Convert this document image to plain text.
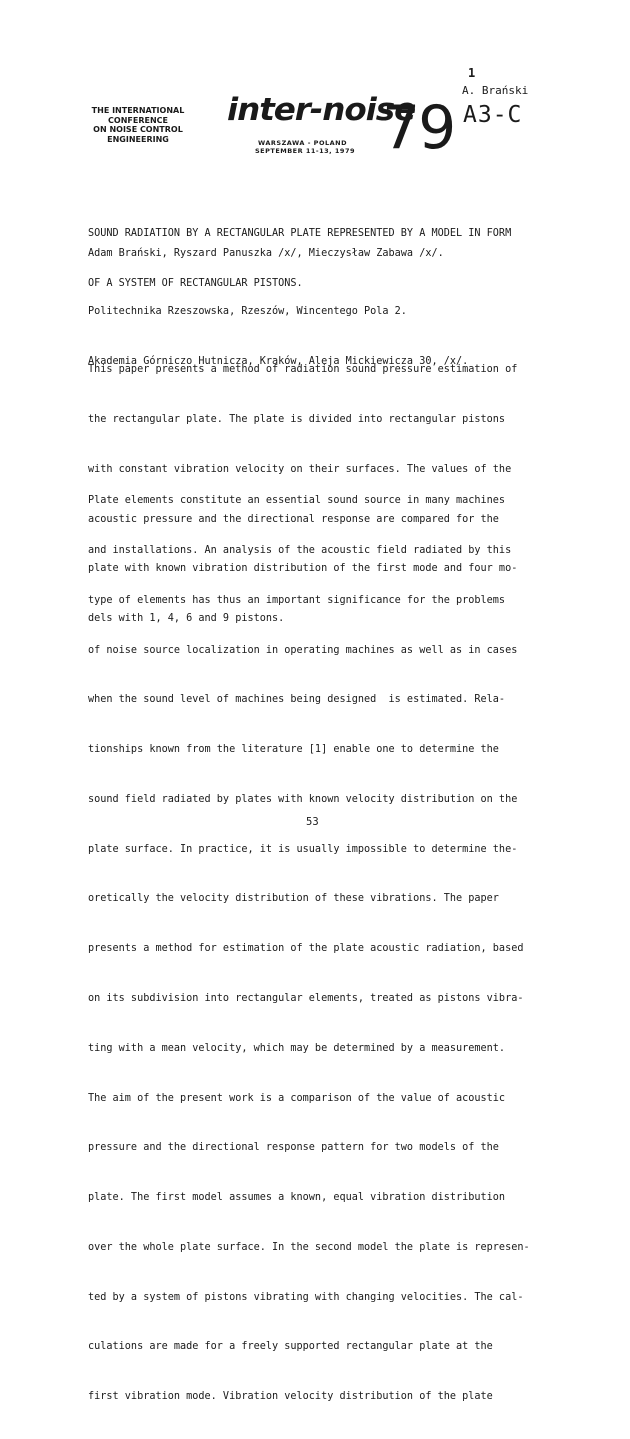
1
A. Brański
A3-C
THE INTERNATIONAL
CONFERENCE
ON NOISE CONTROL
ENGINEERING
inter-noise
79
WARSZAWA - POLAND
SEPTEMBER 11-13, 1979

SOUND RADIATION BY A RECTANGULAR PLATE REPRESENTED BY A MODEL IN FORM

OF A SYSTEM OF RECTANGULAR PISTONS.

Adam Brański, Ryszard Panuszka /x/, Mieczysław Zabawa /x/.

Politechnika Rzeszowska, Rzeszów, Wincentego Pola 2.

Akademia Górniczo Hutnicza, Kraków, Aleja Mickiewicza 30, /x/.

This paper presents a method of radiation sound pressure estimation of

the rectangular plate. The plate is divided into rectangular pistons

with constant vibration velocity on their surfaces. The values of the

acoustic pressure and the directional response are compared for the

plate with known vibration distribution of the first mode and four mo-

dels with 1, 4, 6 and 9 pistons.

Plate elements constitute an essential sound source in many machines

and installations. An analysis of the acoustic field radiated by this

type of elements has thus an important significance for the problems

of noise source localization in operating machines as well as in cases

when the sound level of machines being designed  is estimated. Rela-

tionships known from the literature [1] enable one to determine the

sound field radiated by plates with known velocity distribution on the

plate surface. In practice, it is usually impossible to determine the-

oretically the velocity distribution of these vibrations. The paper

presents a method for estimation of the plate acoustic radiation, based

on its subdivision into rectangular elements, treated as pistons vibra-

ting with a mean velocity, which may be determined by a measurement.

The aim of the present work is a comparison of the value of acoustic

pressure and the directional response pattern for two models of the

plate. The first model assumes a known, equal vibration distribution

over the whole plate surface. In the second model the plate is represen-

ted by a system of pistons vibrating with changing velocities. The cal-

culations are made for a freely supported rectangular plate at the

first vibration mode. Vibration velocity distribution of the plate

53
